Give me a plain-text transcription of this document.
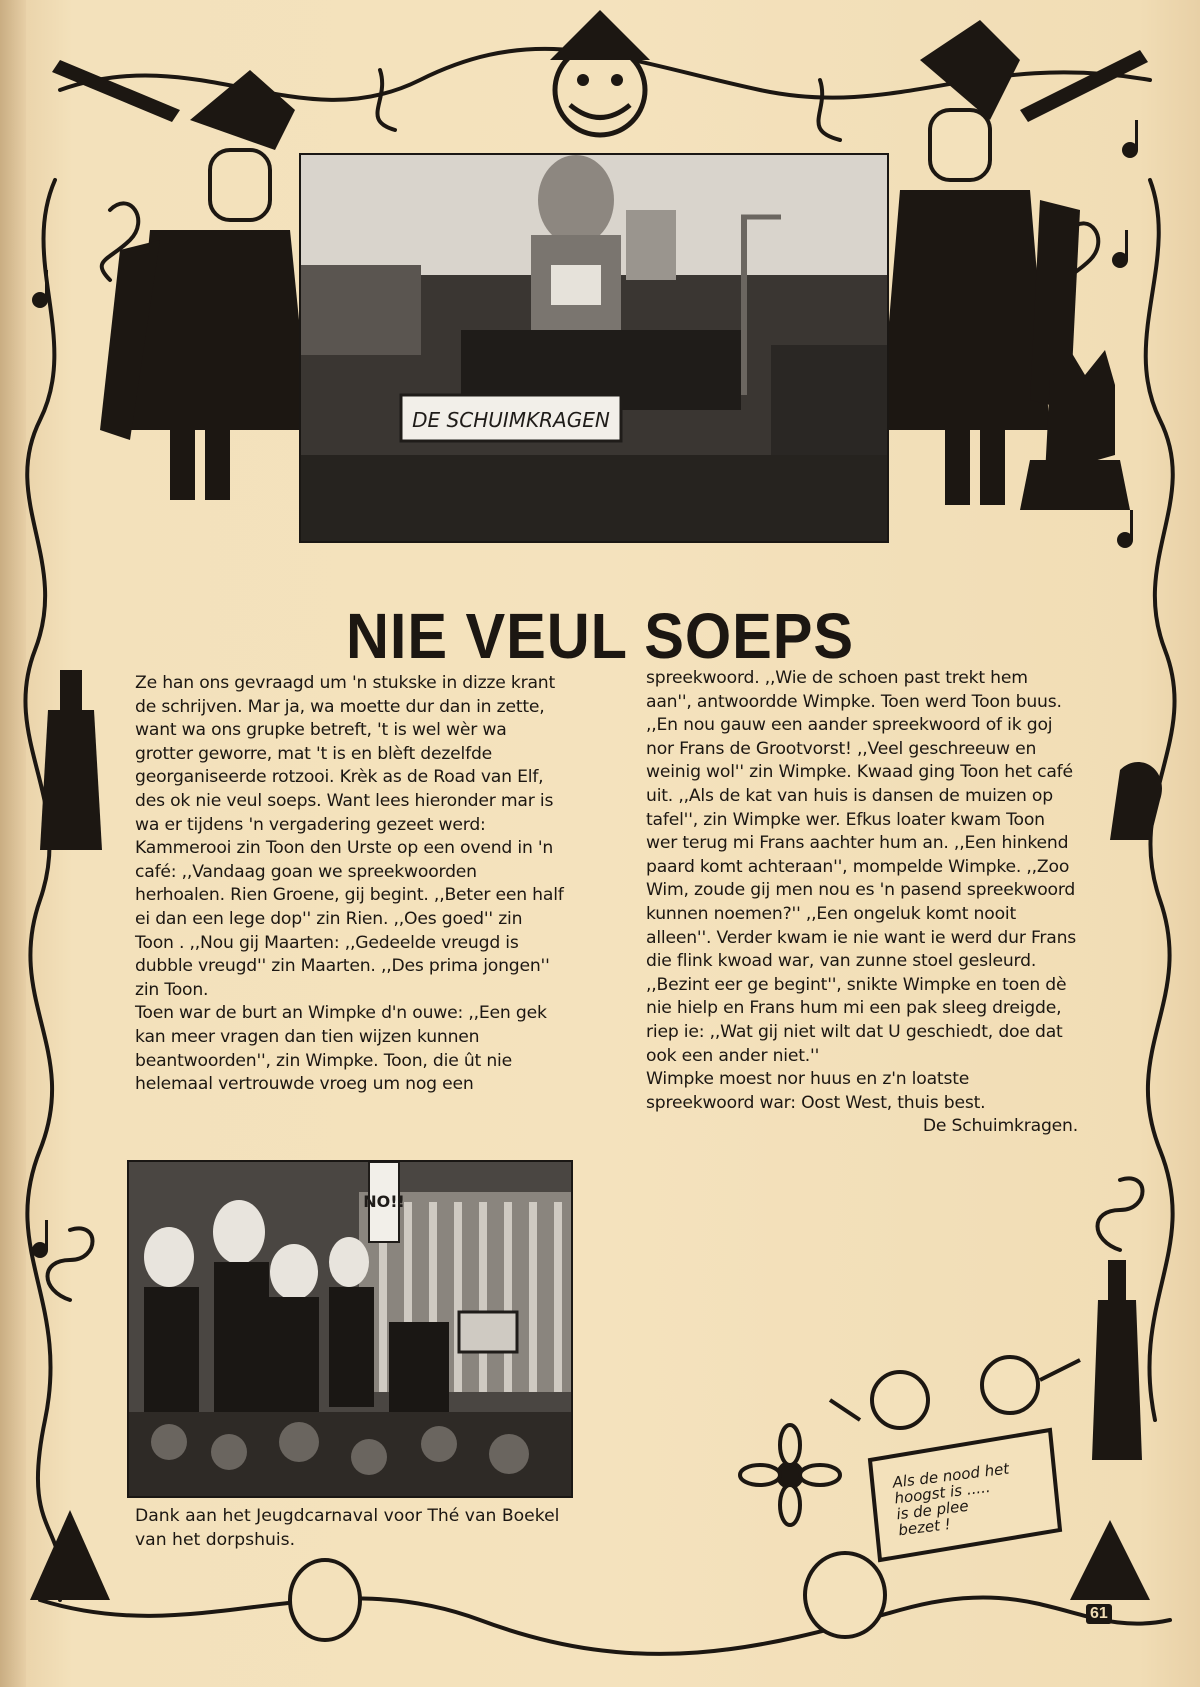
DE SCHUIMKRAGEN
NIE VEUL SOEPS

Ze han ons gevraagd um 'n stukske in dizze krant de schrijven. Mar ja, wa moette dur dan in zette, want wa ons grupke betreft, 't is wel wèr wa grotter geworre, mat 't is en blèft dezelfde georganiseerde rotzooi. Krèk as de Road van Elf, des ok nie veul soeps. Want lees hieronder mar is wa er tijdens 'n vergadering gezeet werd:

Kammerooi zin Toon den Urste op een ovend in 'n café: ,,Vandaag goan we spreekwoorden herhoalen. Rien Groene, gij begint. ,,Beter een half ei dan een lege dop'' zin Rien. ,,Oes goed'' zin Toon . ,,Nou gij Maarten: ,,Gedeelde vreugd is dubble vreugd'' zin Maarten. ,,Des prima jongen'' zin Toon.

Toen war de burt an Wimpke d'n ouwe: ,,Een gek kan meer vragen dan tien wijzen kunnen beantwoorden'', zin Wimpke. Toon, die ût nie helemaal vertrouwde vroeg um nog een

spreekwoord. ,,Wie de schoen past trekt hem aan'', antwoordde Wimpke. Toen werd Toon buus. ,,En nou gauw een aander spreekwoord of ik goj nor Frans de Grootvorst! ,,Veel geschreeuw en weinig wol'' zin Wimpke. Kwaad ging Toon het café uit. ,,Als de kat van huis is dansen de muizen op tafel'', zin Wimpke wer. Efkus loater kwam Toon wer terug mi Frans aachter hum an. ,,Een hinkend paard komt achteraan'', mompelde Wimpke. ,,Zoo Wim, zoude gij men nou es 'n pasend spreekwoord kunnen noemen?'' ,,Een ongeluk komt nooit alleen''. Verder kwam ie nie want ie werd dur Frans die flink kwoad war, van zunne stoel gesleurd. ,,Bezint eer ge begint'', snikte Wimpke en toen dè nie hielp en Frans hum mi een pak sleeg dreigde, riep ie: ,,Wat gij niet wilt dat U geschiedt, doe dat ook een ander niet.''

Wimpke moest nor huus en z'n loatste spreekwoord war: Oost West, thuis best.

De Schuimkragen.

NO!!
Dank aan het Jeugdcarnaval voor Thé van Boekel van het dorpshuis.
Als de nood het
hoogst is .....
is de plee
bezet !
61
